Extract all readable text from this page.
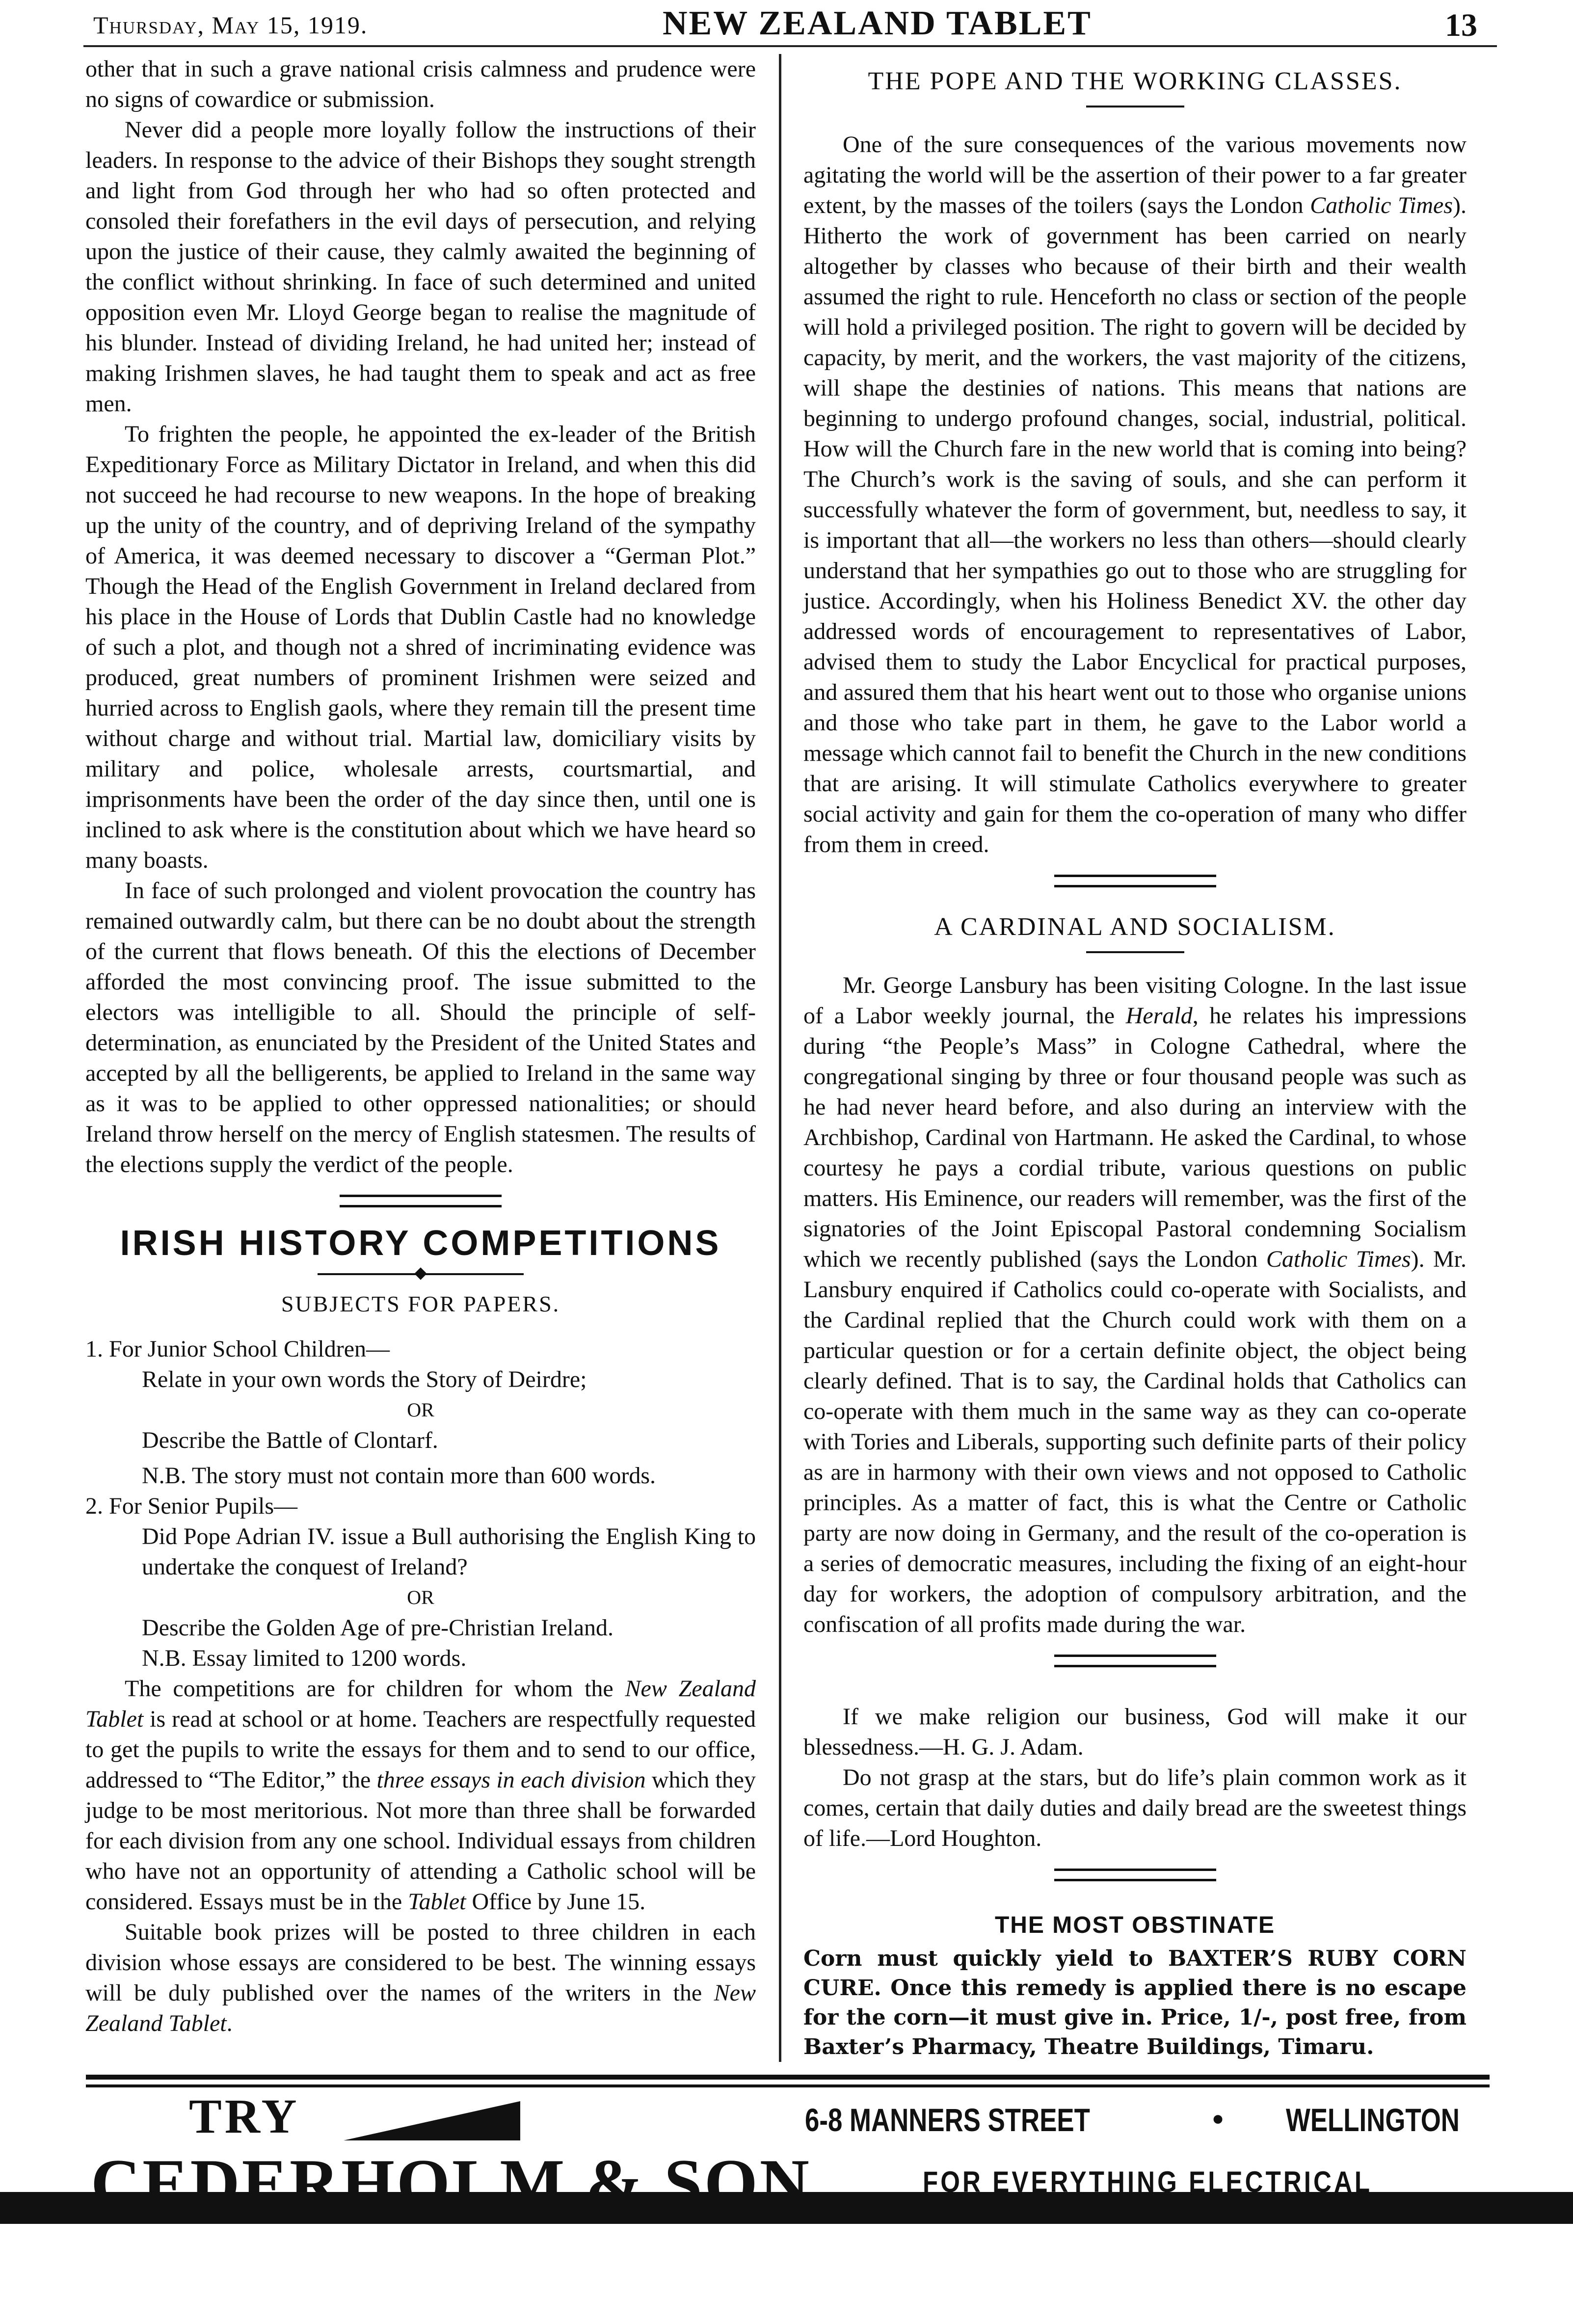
Thursday, May 15, 1919.	NEW ZEALAND TABLET	13

other that in such a grave national crisis calmness and prudence were no signs of cowardice or submission.

Never did a people more loyally follow the instructions of their leaders. In response to the advice of their Bishops they sought strength and light from God through her who had so often protected and consoled their forefathers in the evil days of persecution, and relying upon the justice of their cause, they calmly awaited the beginning of the conflict without shrinking. In face of such determined and united opposition even Mr. Lloyd George began to realise the magnitude of his blunder. Instead of dividing Ireland, he had united her; instead of making Irishmen slaves, he had taught them to speak and act as free men.

To frighten the people, he appointed the ex-leader of the British Expeditionary Force as Military Dictator in Ireland, and when this did not succeed he had recourse to new weapons. In the hope of breaking up the unity of the country, and of depriving Ireland of the sympathy of America, it was deemed necessary to discover a “German Plot.” Though the Head of the English Government in Ireland declared from his place in the House of Lords that Dublin Castle had no knowledge of such a plot, and though not a shred of incriminating evidence was produced, great numbers of prominent Irishmen were seized and hurried across to English gaols, where they remain till the present time without charge and without trial. Martial law, domiciliary visits by military and police, wholesale arrests, courtsmartial, and imprisonments have been the order of the day since then, until one is inclined to ask where is the constitution about which we have heard so many boasts.

In face of such prolonged and violent provocation the country has remained outwardly calm, but there can be no doubt about the strength of the current that flows beneath. Of this the elections of December afforded the most convincing proof. The issue submitted to the electors was intelligible to all. Should the principle of self-determination, as enunciated by the President of the United States and accepted by all the belligerents, be applied to Ireland in the same way as it was to be applied to other oppressed nationalities; or should Ireland throw herself on the mercy of English statesmen. The results of the elections supply the verdict of the people.

IRISH HISTORY COMPETITIONS
SUBJECTS FOR PAPERS.

1. For Junior School Children—

Relate in your own words the Story of Deirdre;

OR

Describe the Battle of Clontarf.

N.B. The story must not contain more than 600 words.

2. For Senior Pupils—

Did Pope Adrian IV. issue a Bull authorising the English King to undertake the conquest of Ireland?

OR

Describe the Golden Age of pre-Christian Ireland.

N.B. Essay limited to 1200 words.

The competitions are for children for whom the New Zealand Tablet is read at school or at home. Teachers are respectfully requested to get the pupils to write the essays for them and to send to our office, addressed to “The Editor,” the three essays in each division which they judge to be most meritorious. Not more than three shall be forwarded for each division from any one school. Individual essays from children who have not an opportunity of attending a Catholic school will be considered. Essays must be in the Tablet Office by June 15.

Suitable book prizes will be posted to three children in each division whose essays are considered to be best. The winning essays will be duly published over the names of the writers in the New Zealand Tablet.

THE POPE AND THE WORKING CLASSES.

One of the sure consequences of the various movements now agitating the world will be the assertion of their power to a far greater extent, by the masses of the toilers (says the London Catholic Times). Hitherto the work of government has been carried on nearly altogether by classes who because of their birth and their wealth assumed the right to rule. Henceforth no class or section of the people will hold a privileged position. The right to govern will be decided by capacity, by merit, and the workers, the vast majority of the citizens, will shape the destinies of nations. This means that nations are beginning to undergo profound changes, social, industrial, political. How will the Church fare in the new world that is coming into being? The Church’s work is the saving of souls, and she can perform it successfully whatever the form of government, but, needless to say, it is important that all—the workers no less than others—should clearly understand that her sympathies go out to those who are struggling for justice. Accordingly, when his Holiness Benedict XV. the other day addressed words of encouragement to representatives of Labor, advised them to study the Labor Encyclical for practical purposes, and assured them that his heart went out to those who organise unions and those who take part in them, he gave to the Labor world a message which cannot fail to benefit the Church in the new conditions that are arising. It will stimulate Catholics everywhere to greater social activity and gain for them the co-operation of many who differ from them in creed.

A CARDINAL AND SOCIALISM.

Mr. George Lansbury has been visiting Cologne. In the last issue of a Labor weekly journal, the Herald, he relates his impressions during “the People’s Mass” in Cologne Cathedral, where the congregational singing by three or four thousand people was such as he had never heard before, and also during an interview with the Archbishop, Cardinal von Hartmann. He asked the Cardinal, to whose courtesy he pays a cordial tribute, various questions on public matters. His Eminence, our readers will remember, was the first of the signatories of the Joint Episcopal Pastoral condemning Socialism which we recently published (says the London Catholic Times). Mr. Lansbury enquired if Catholics could co-operate with Socialists, and the Cardinal replied that the Church could work with them on a particular question or for a certain definite object, the object being clearly defined. That is to say, the Cardinal holds that Catholics can co-operate with them much in the same way as they can co-operate with Tories and Liberals, supporting such definite parts of their policy as are in harmony with their own views and not opposed to Catholic principles. As a matter of fact, this is what the Centre or Catholic party are now doing in Germany, and the result of the co-operation is a series of democratic measures, including the fixing of an eight-hour day for workers, the adoption of compulsory arbitration, and the confiscation of all profits made during the war.

If we make religion our business, God will make it our blessedness.—H. G. J. Adam.

Do not grasp at the stars, but do life’s plain common work as it comes, certain that daily duties and daily bread are the sweetest things of life.—Lord Houghton.

THE MOST OBSTINATE
Corn must quickly yield to BAXTER’S RUBY CORN CURE. Once this remedy is applied there is no escape for the corn—it must give in. Price, 1/-, post free, from Baxter’s Pharmacy, Theatre Buildings, Timaru.
TRY	6-8 MANNERS STREET	• WELLINGTON
CEDERHOLM & SON	FOR EVERYTHING ELECTRICAL
